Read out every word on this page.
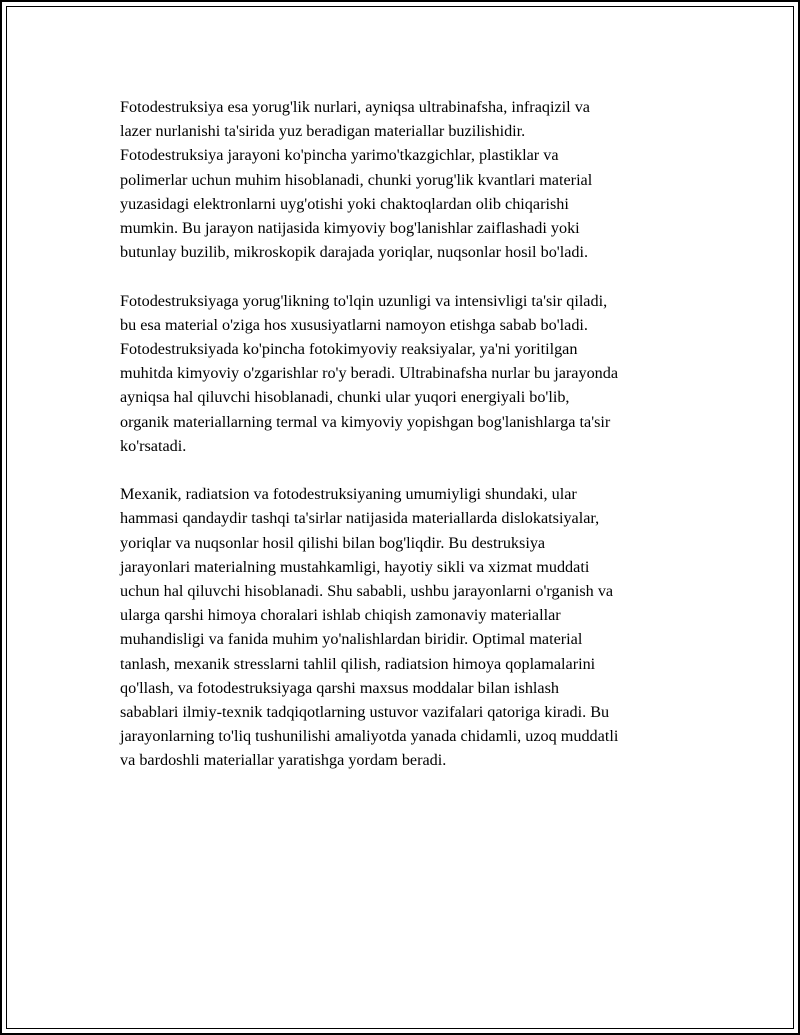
Fotodestruksiya esa yorug'lik nurlari, ayniqsa ultrabinafsha, infraqizil va
lazer nurlanishi ta'sirida yuz beradigan materiallar buzilishidir.
Fotodestruksiya jarayoni ko'pincha yarimo'tkazgichlar, plastiklar va
polimerlar uchun muhim hisoblanadi, chunki yorug'lik kvantlari material
yuzasidagi elektronlarni uyg'otishi yoki chaktoqlardan olib chiqarishi
mumkin. Bu jarayon natijasida kimyoviy bog'lanishlar zaiflashadi yoki
butunlay buzilib, mikroskopik darajada yoriqlar, nuqsonlar hosil bo'ladi.

Fotodestruksiyaga yorug'likning to'lqin uzunligi va intensivligi ta'sir qiladi,
bu esa material o'ziga hos xususiyatlarni namoyon etishga sabab bo'ladi.
Fotodestruksiyada ko'pincha fotokimyoviy reaksiyalar, ya'ni yoritilgan
muhitda kimyoviy o'zgarishlar ro'y beradi. Ultrabinafsha nurlar bu jarayonda
ayniqsa hal qiluvchi hisoblanadi, chunki ular yuqori energiyali bo'lib,
organik materiallarning termal va kimyoviy yopishgan bog'lanishlarga ta'sir
ko'rsatadi.

Mexanik, radiatsion va fotodestruksiyaning umumiyligi shundaki, ular
hammasi qandaydir tashqi ta'sirlar natijasida materiallarda dislokatsiyalar,
yoriqlar va nuqsonlar hosil qilishi bilan bog'liqdir. Bu destruksiya
jarayonlari materialning mustahkamligi, hayotiy sikli va xizmat muddati
uchun hal qiluvchi hisoblanadi. Shu sababli, ushbu jarayonlarni o'rganish va
ularga qarshi himoya choralari ishlab chiqish zamonaviy materiallar
muhandisligi va fanida muhim yo'nalishlardan biridir. Optimal material
tanlash, mexanik stresslarni tahlil qilish, radiatsion himoya qoplamalarini
qo'llash, va fotodestruksiyaga qarshi maxsus moddalar bilan ishlash
sabablari ilmiy-texnik tadqiqotlarning ustuvor vazifalari qatoriga kiradi. Bu
jarayonlarning to'liq tushunilishi amaliyotda yanada chidamli, uzoq muddatli
va bardoshli materiallar yaratishga yordam beradi.
